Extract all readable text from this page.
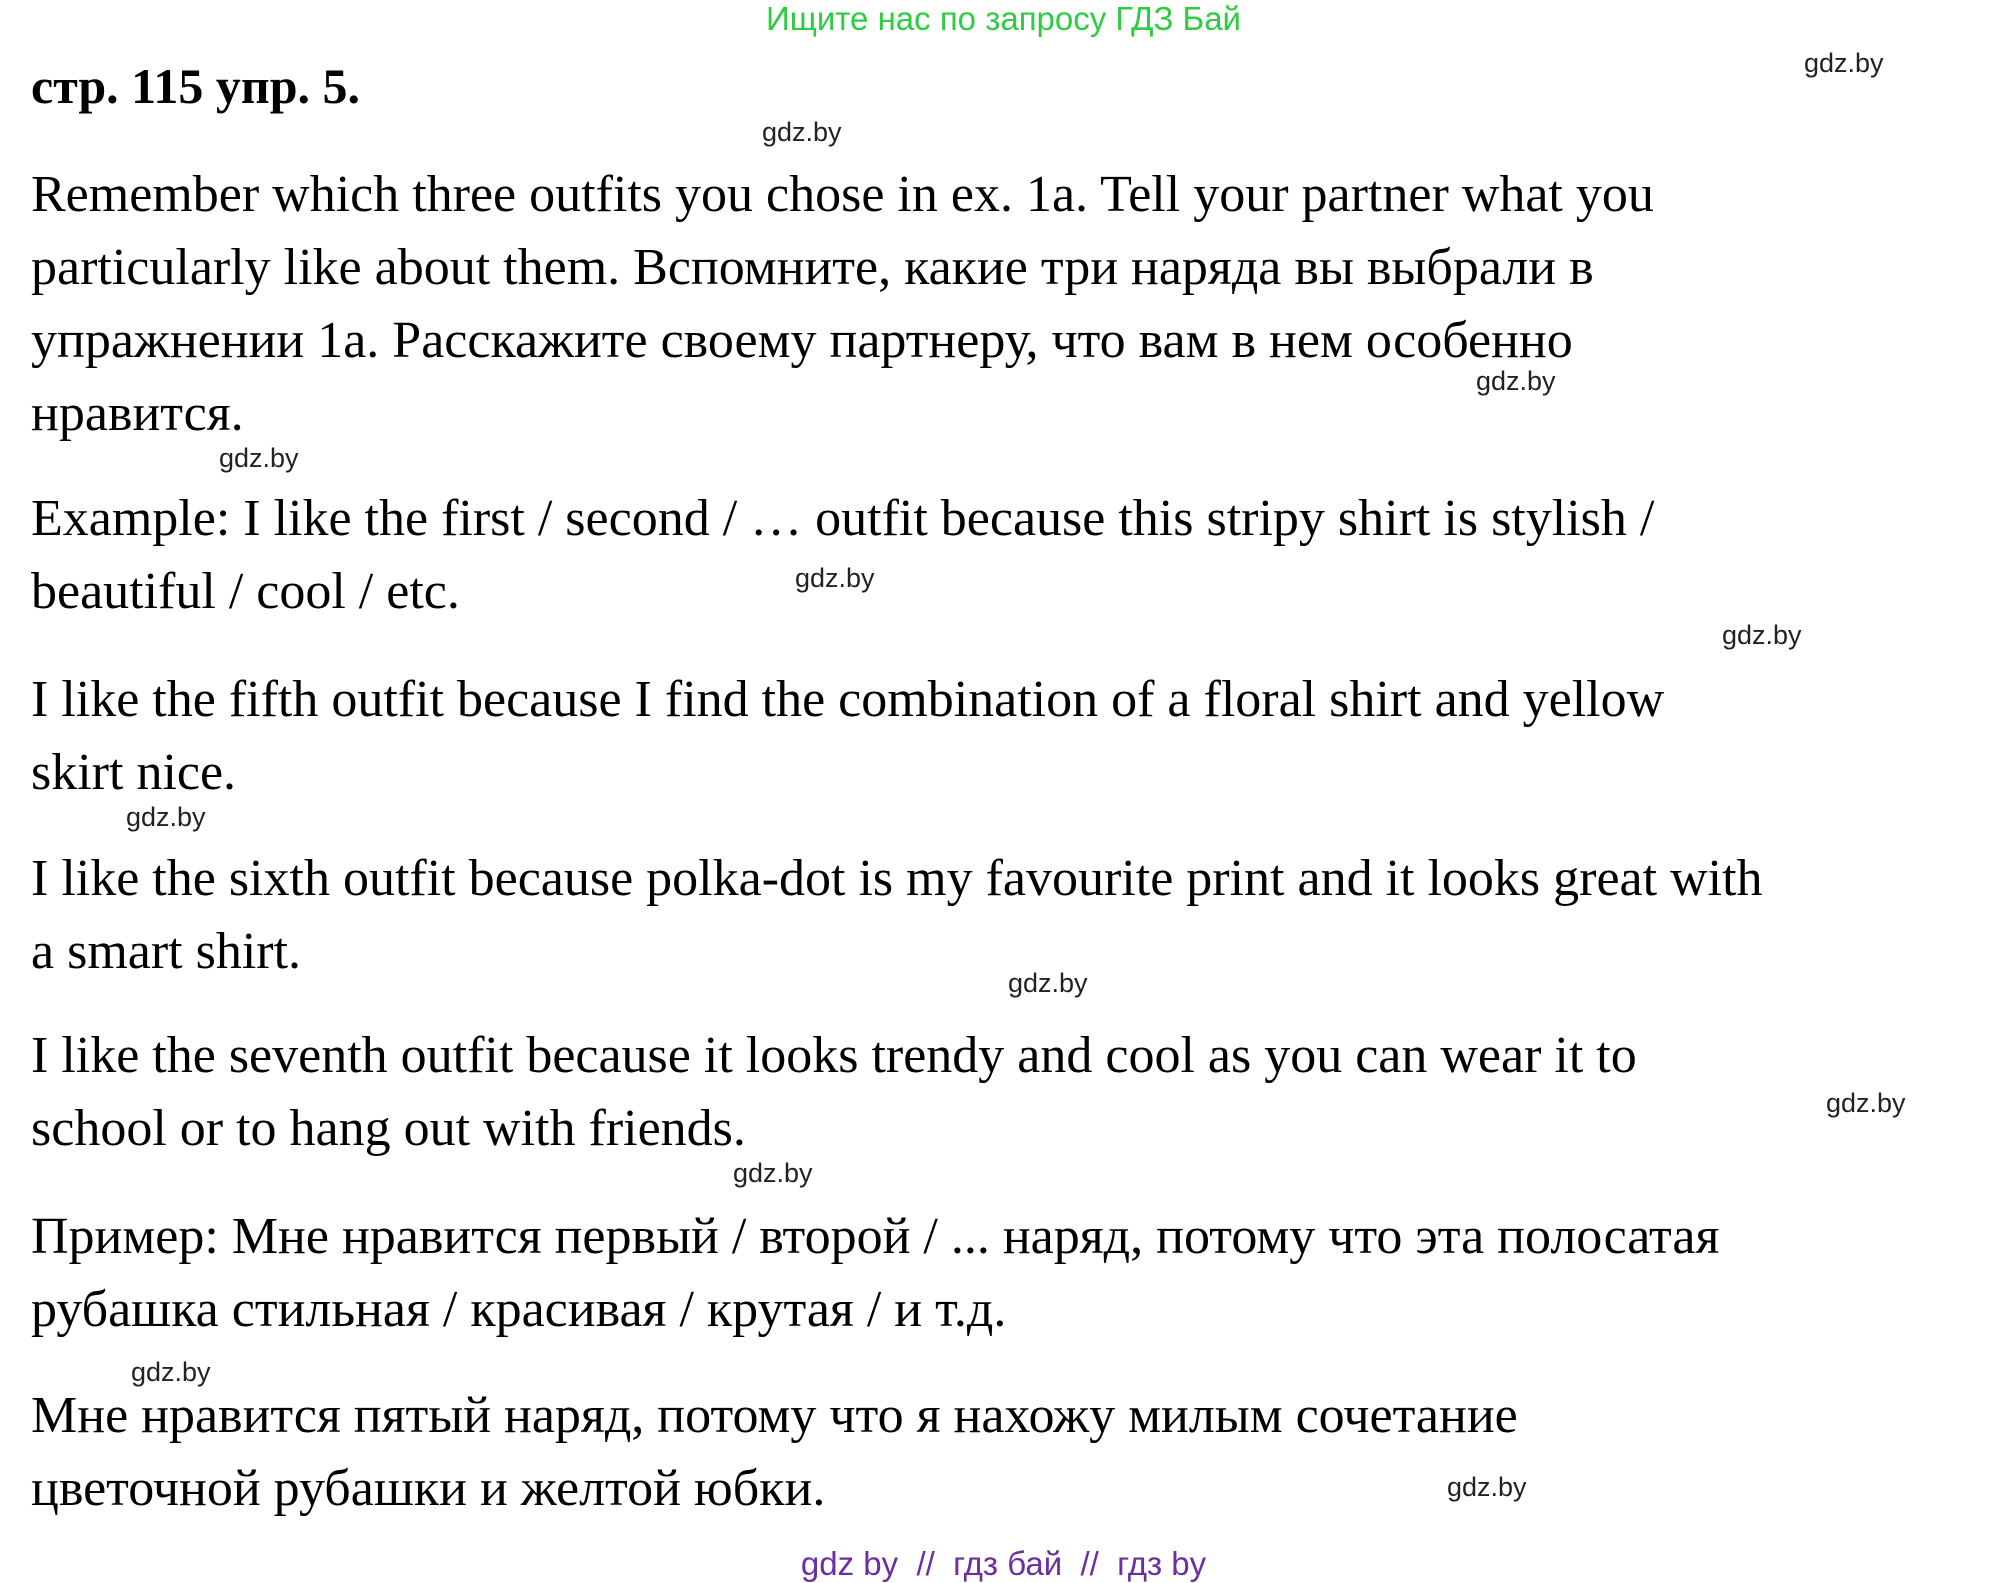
Ищите нас по запросу ГДЗ Бай
стр. 115 упр. 5.
Remember which three outfits you chose in ex. 1a. Tell your partner what you
particularly like about them. Вспомните, какие три наряда вы выбрали в
упражнении 1a. Расскажите своему партнеру, что вам в нем особенно
нравится.
Example: I like the first / second / … outfit because this stripy shirt is stylish /
beautiful / cool / etc.
I like the fifth outfit because I find the combination of a floral shirt and yellow
skirt nice.
I like the sixth outfit because polka-dot is my favourite print and it looks great with
a smart shirt.
I like the seventh outfit because it looks trendy and cool as you can wear it to
school or to hang out with friends.
Пример: Мне нравится первый / второй / ... наряд, потому что эта полосатая
рубашка стильная / красивая / крутая / и т.д.
Мне нравится пятый наряд, потому что я нахожу милым сочетание
цветочной рубашки и желтой юбки.
gdz.by
gdz.by
gdz.by
gdz.by
gdz.by
gdz.by
gdz.by
gdz.by
gdz.by
gdz.by
gdz.by
gdz.by
gdz by  //  гдз бай  //  гдз by
